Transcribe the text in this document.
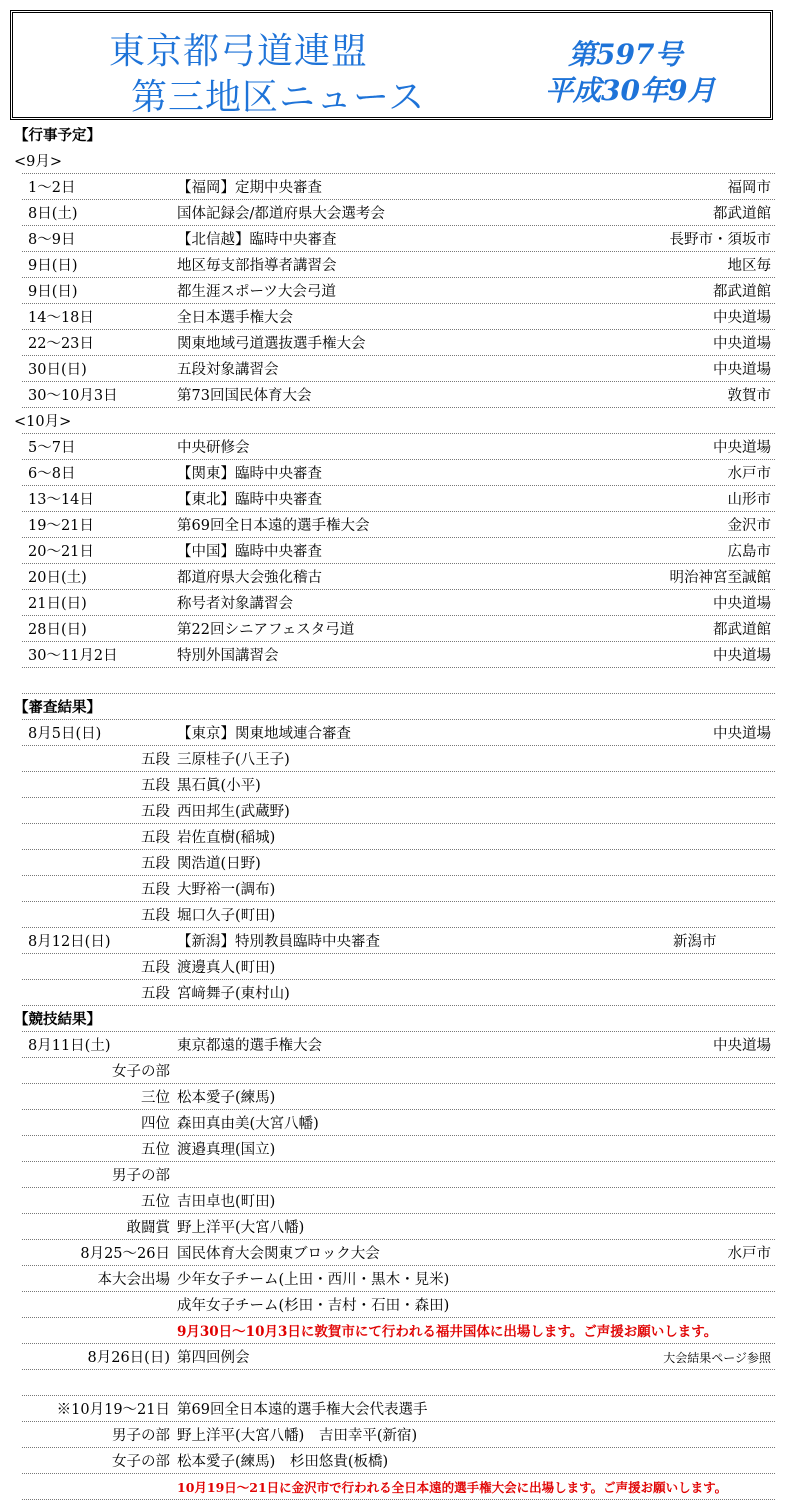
東京都弓道連盟
第三地区ニュース
第597号
平成30年9月
【行事予定】
<9月>
1～2日	【福岡】定期中央審査	福岡市
8日(土)	国体記録会/都道府県大会選考会	都武道館
8～9日	【北信越】臨時中央審査	長野市・須坂市
9日(日)	地区毎支部指導者講習会	地区毎
9日(日)	都生涯スポーツ大会弓道	都武道館
14～18日	全日本選手権大会	中央道場
22～23日	関東地域弓道選抜選手権大会	中央道場
30日(日)	五段対象講習会	中央道場
30～10月3日	第73回国民体育大会	敦賀市
<10月>
5～7日	中央研修会	中央道場
6～8日	【関東】臨時中央審査	水戸市
13～14日	【東北】臨時中央審査	山形市
19～21日	第69回全日本遠的選手権大会	金沢市
20～21日	【中国】臨時中央審査	広島市
20日(土)	都道府県大会強化稽古	明治神宮至誠館
21日(日)	称号者対象講習会	中央道場
28日(日)	第22回シニアフェスタ弓道	都武道館
30～11月2日	特別外国講習会	中央道場
【審査結果】
8月5日(日)	【東京】関東地域連合審査	中央道場
五段 三原桂子(八王子)
五段 黒石眞(小平)
五段 西田邦生(武蔵野)
五段 岩佐直樹(稲城)
五段 関浩道(日野)
五段 大野裕一(調布)
五段 堀口久子(町田)
8月12日(日)	【新潟】特別教員臨時中央審査	新潟市
五段 渡邊真人(町田)
五段 宮﨑舞子(東村山)
【競技結果】
8月11日(土)	東京都遠的選手権大会	中央道場
女子の部
三位 松本愛子(練馬)
四位 森田真由美(大宮八幡)
五位 渡邉真理(国立)
男子の部
五位 吉田卓也(町田)
敢闘賞 野上洋平(大宮八幡)
8月25～26日 国民体育大会関東ブロック大会	水戸市
本大会出場 少年女子チーム(上田・西川・黒木・見米)
成年女子チーム(杉田・吉村・石田・森田)
9月30日～10月3日に敦賀市にて行われる福井国体に出場します。ご声援お願いします。
8月26日(日) 第四回例会	大会結果ページ参照
※10月19～21日 第69回全日本遠的選手権大会代表選手
男子の部 野上洋平(大宮八幡)　吉田幸平(新宿)
女子の部 松本愛子(練馬)　杉田悠貴(板橋)
10月19日～21日に金沢市で行われる全日本遠的選手権大会に出場します。ご声援お願いします。
